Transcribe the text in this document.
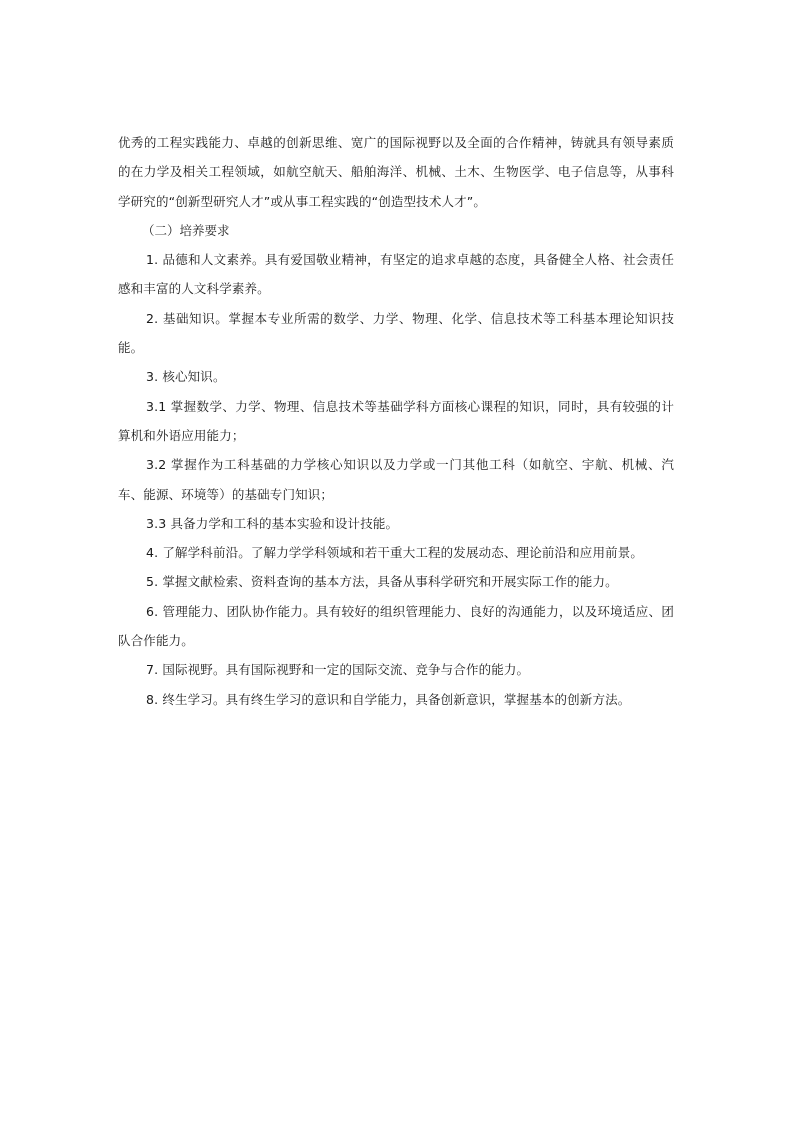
优秀的工程实践能力、卓越的创新思维、宽广的国际视野以及全面的合作精神，铸就具有领导素质的在力学及相关工程领域，如航空航天、船舶海洋、机械、土木、生物医学、电子信息等，从事科学研究的“创新型研究人才”或从事工程实践的“创造型技术人才”。

（二）培养要求

1. 品德和人文素养。具有爱国敬业精神，有坚定的追求卓越的态度，具备健全人格、社会责任感和丰富的人文科学素养。

2. 基础知识。掌握本专业所需的数学、力学、物理、化学、信息技术等工科基本理论知识技能。

3. 核心知识。

3.1 掌握数学、力学、物理、信息技术等基础学科方面核心课程的知识，同时，具有较强的计算机和外语应用能力；

3.2 掌握作为工科基础的力学核心知识以及力学或一门其他工科（如航空、宇航、机械、汽车、能源、环境等）的基础专门知识；

3.3 具备力学和工科的基本实验和设计技能。

4. 了解学科前沿。了解力学学科领域和若干重大工程的发展动态、理论前沿和应用前景。

5. 掌握文献检索、资料查询的基本方法，具备从事科学研究和开展实际工作的能力。

6. 管理能力、团队协作能力。具有较好的组织管理能力、良好的沟通能力，以及环境适应、团队合作能力。

7. 国际视野。具有国际视野和一定的国际交流、竞争与合作的能力。

8. 终生学习。具有终生学习的意识和自学能力，具备创新意识，掌握基本的创新方法。
